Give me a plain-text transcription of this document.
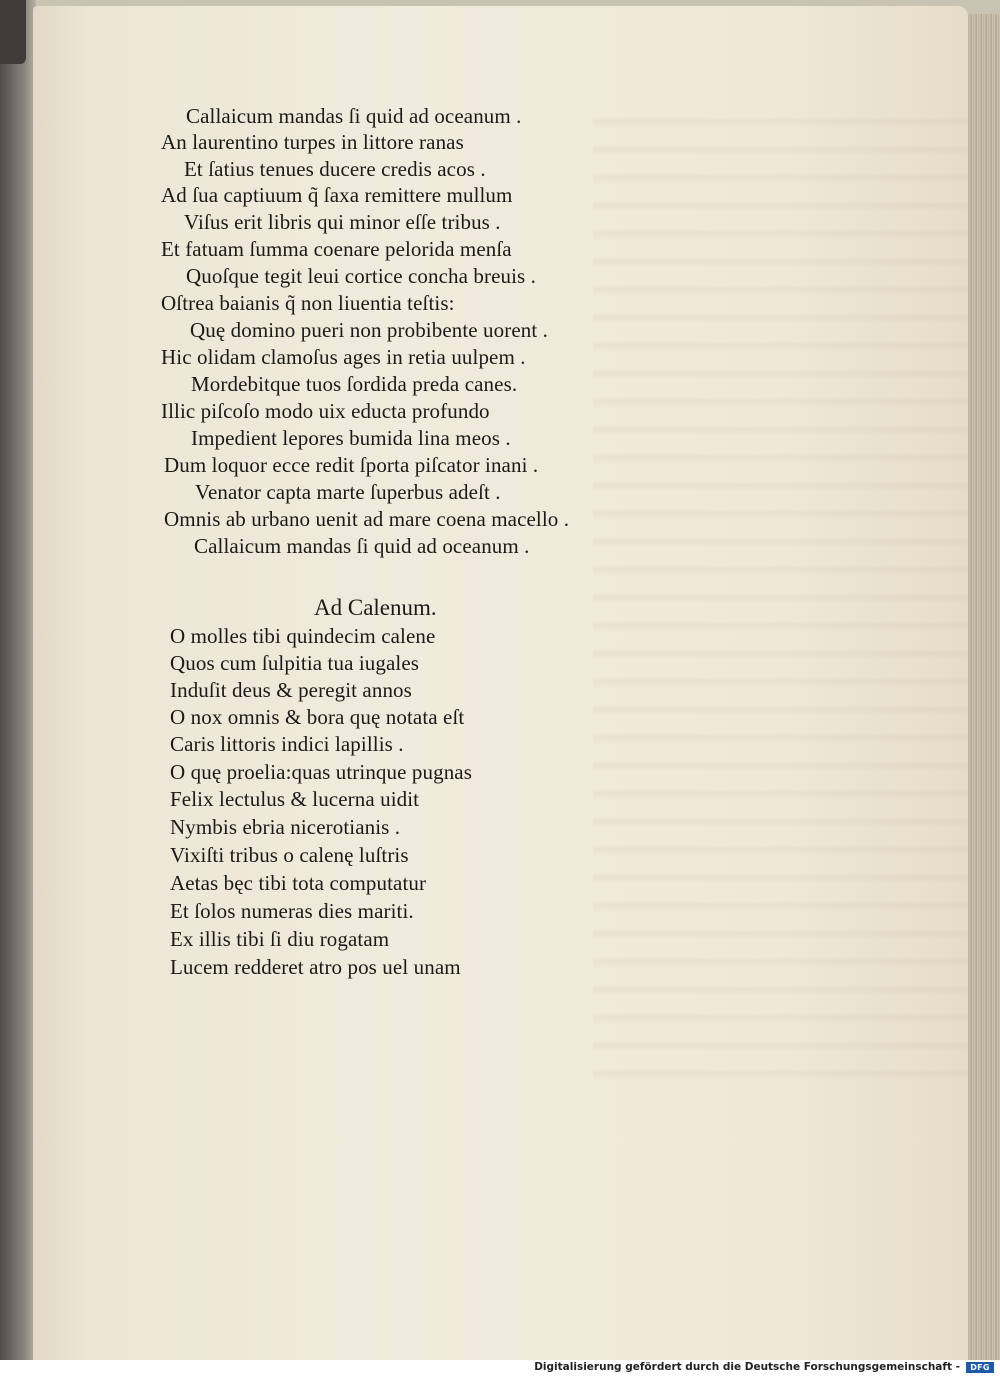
Callaicum mandas ſi quid ad oceanum .
An laurentino turpes in littore ranas
Et ſatius tenues ducere credis acos .
Ad ſua captiuum q̃ ſaxa remittere mullum
Viſus erit libris qui minor eſſe tribus .
Et fatuam ſumma coenare pelorida menſa
Quoſque tegit leui cortice concha breuis .
Oſtrea baianis q̃ non liuentia teſtis:
Quę domino pueri non probibente uorent .
Hic olidam clamoſus ages in retia uulpem .
Mordebitque tuos ſordida preda canes.
Illic piſcoſo modo uix educta profundo
Impedient lepores bumida lina meos .
Dum loquor ecce redit ſporta piſcator inani .
Venator capta marte ſuperbus adeſt .
Omnis ab urbano uenit ad mare coena macello .
Callaicum mandas ſi quid ad oceanum .
Ad Calenum.
O molles tibi quindecim calene
Quos cum ſulpitia tua iugales
Induſit deus & peregit annos
O nox omnis & bora quę notata eſt
Caris littoris indici lapillis .
O quę proelia:quas utrinque pugnas
Felix lectulus & lucerna uidit
Nymbis ebria nicerotianis .
Vixiſti tribus o calenę luſtris
Aetas bęc tibi tota computatur
Et ſolos numeras dies mariti.
Ex illis tibi ſi diu rogatam
Lucem redderet atro pos uel unam
Digitalisierung gefördert durch die Deutsche Forschungsgemeinschaft -	DFG
